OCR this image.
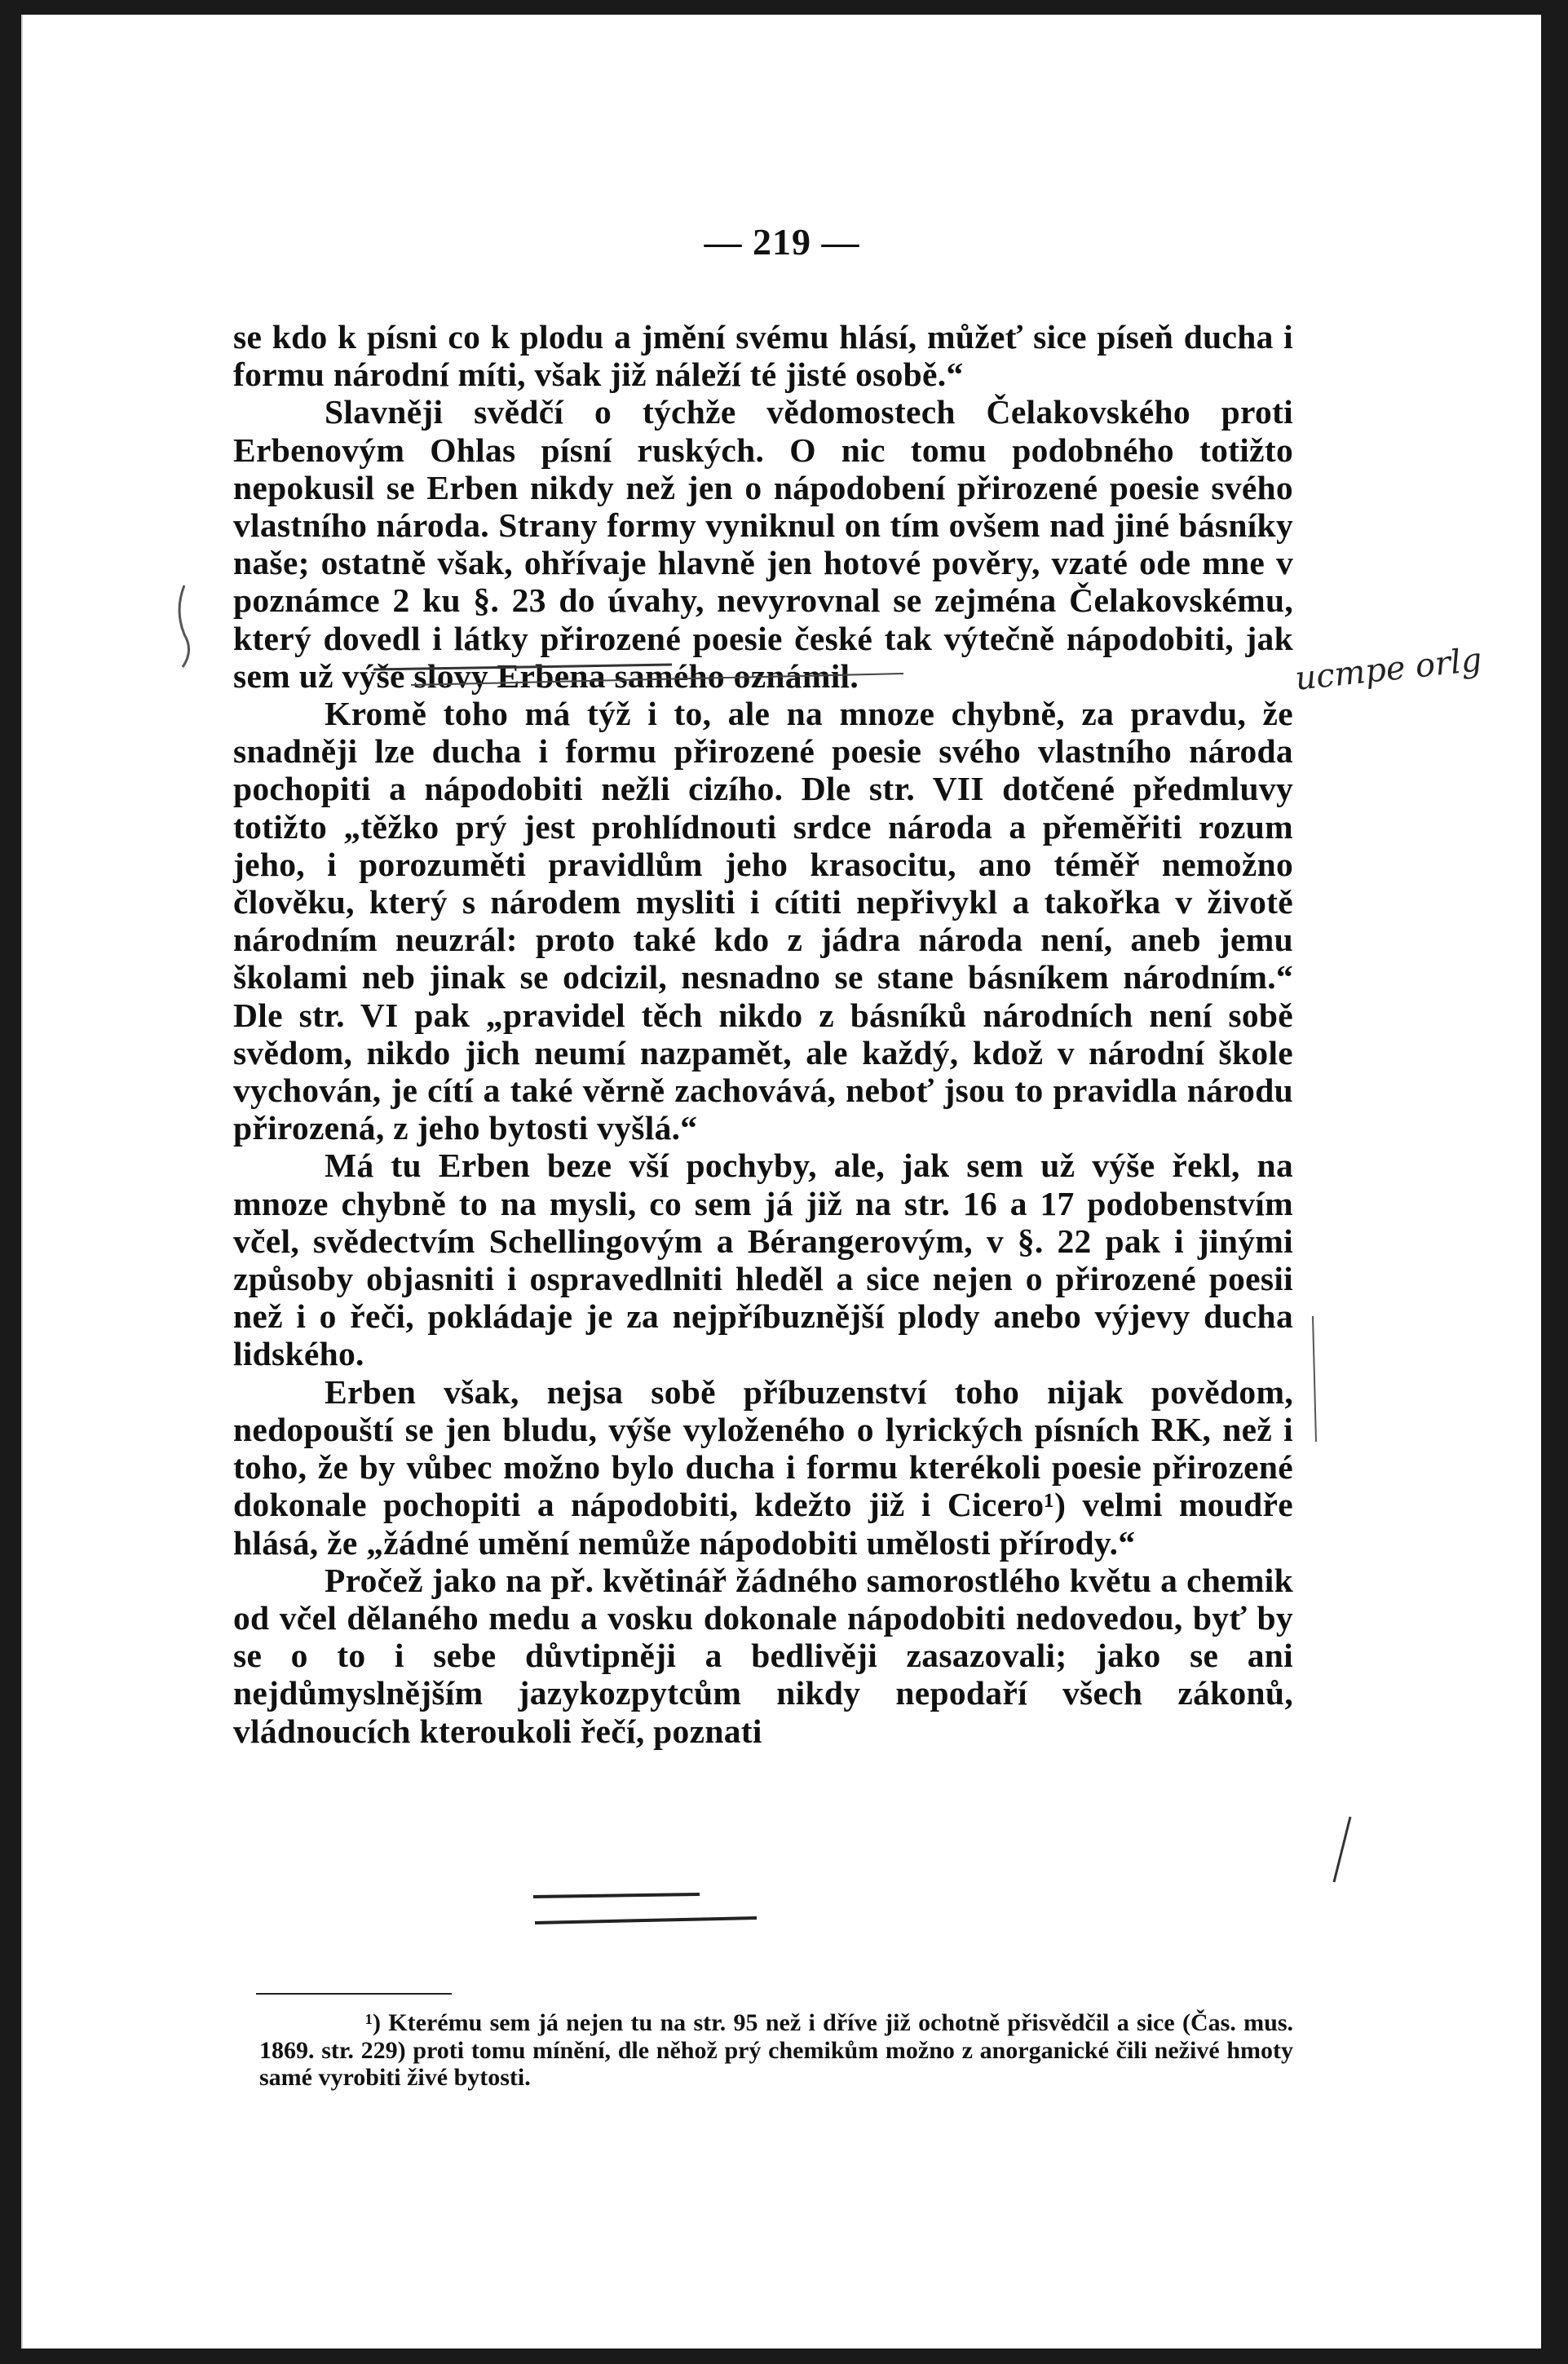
— 219 —

se kdo k písni co k plodu a jmění svému hlásí, můžeť sice píseň ducha i formu národní míti, však již náleží té jisté osobě.“

Slavněji svědčí o týchže vědomostech Čelakovského proti Erbenovým Ohlas písní ruských. O nic tomu podobného totižto nepokusil se Erben nikdy než jen o nápodobení přirozené poesie svého vlastního národa. Strany formy vyniknul on tím ovšem nad jiné básníky naše; ostatně však, ohřívaje hlavně jen hotové pověry, vzaté ode mne v poznámce 2 ku §. 23 do úvahy, nevyrovnal se zejména Čelakovskému, který dovedl i látky přirozené poesie české tak výtečně nápodobiti, jak sem už výše slovy Erbena samého oznámil.

Kromě toho má týž i to, ale na mnoze chybně, za pravdu, že snadněji lze ducha i formu přirozené poesie svého vlastního národa pochopiti a nápodobiti nežli cizího. Dle str. VII dotčené předmluvy totižto „těžko prý jest prohlídnouti srdce národa a přeměřiti rozum jeho, i porozuměti pravidlům jeho krasocitu, ano téměř nemožno člověku, který s národem mysliti i cítiti nepřivykl a takořka v životě národním neuzrál: proto také kdo z jádra národa není, aneb jemu školami neb jinak se odcizil, nesnadno se stane básníkem národním.“ Dle str. VI pak „pravidel těch nikdo z básníků národních není sobě svědom, nikdo jich neumí nazpamět, ale každý, kdož v národní škole vychován, je cítí a také věrně zachovává, neboť jsou to pravidla národu přirozená, z jeho bytosti vyšlá.“

Má tu Erben beze vší pochyby, ale, jak sem už výše řekl, na mnoze chybně to na mysli, co sem já již na str. 16 a 17 podobenstvím včel, svědectvím Schellingovým a Bérangerovým, v §. 22 pak i jinými způsoby objasniti i ospravedlniti hleděl a sice nejen o přirozené poesii než i o řeči, pokládaje je za nejpříbuznější plody anebo výjevy ducha lidského.

Erben však, nejsa sobě příbuzenství toho nijak povědom, nedopouští se jen bludu, výše vyloženého o lyrických písních RK, než i toho, že by vůbec možno bylo ducha i formu kterékoli poesie přirozené dokonale pochopiti a nápodobiti, kdežto již i Cicero¹) velmi moudře hlásá, že „žádné umění nemůže nápodobiti umělosti přírody.“

Pročež jako na př. květinář žádného samorostlého květu a chemik od včel dělaného medu a vosku dokonale nápodobiti nedovedou, byť by se o to i sebe důvtipněji a bedlivěji zasazovali; jako se ani nejdůmyslnějším jazykozpytcům nikdy nepodaří všech zákonů, vládnoucích kteroukoli řečí, poznati

¹) Kterému sem já nejen tu na str. 95 než i dříve již ochotně přisvědčil a sice (Čas. mus. 1869. str. 229) proti tomu mínění, dle něhož prý chemikům možno z anorganické čili neživé hmoty samé vyrobiti živé bytosti.
ucmpe orlg
